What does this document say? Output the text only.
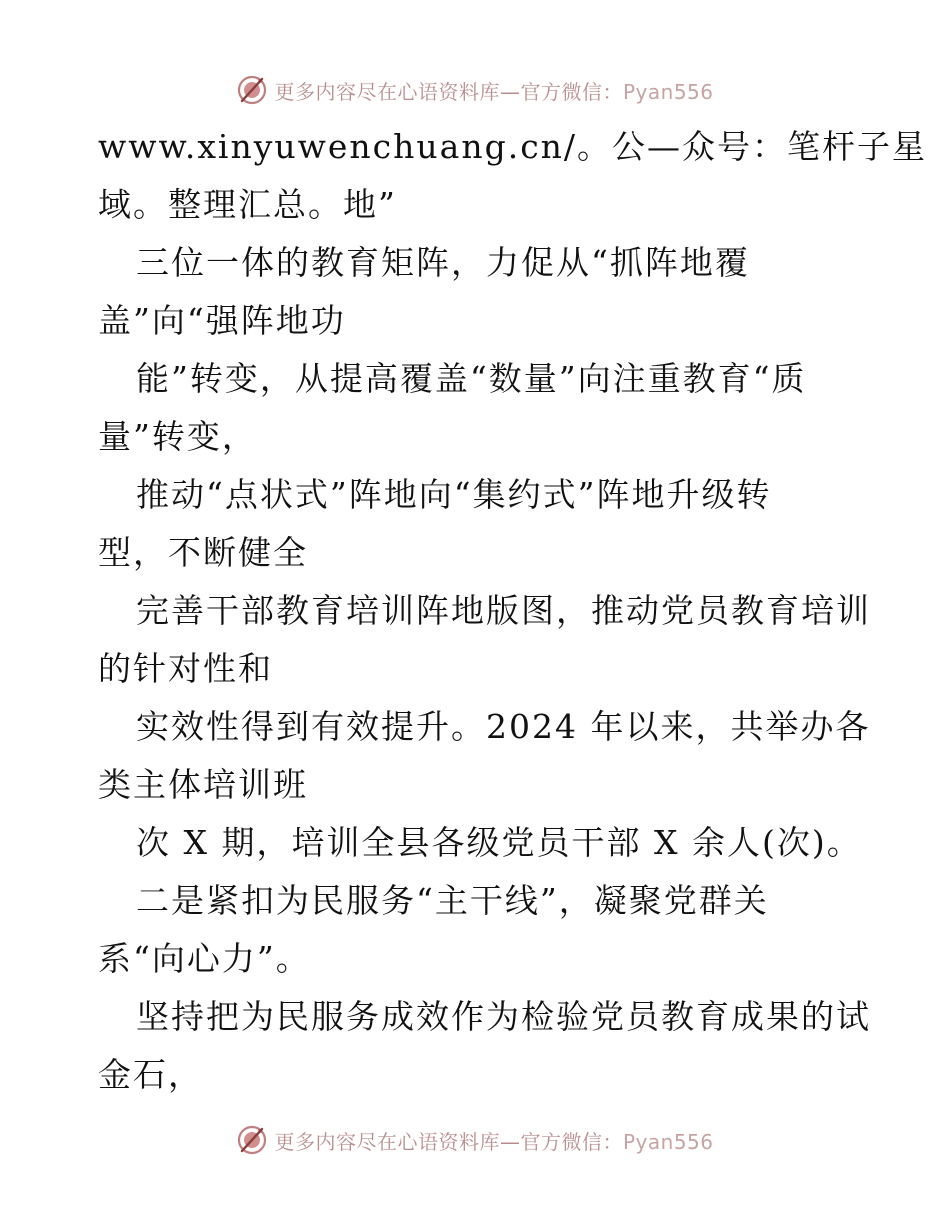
更多内容尽在心语资料库—官方微信：Pyan556
www.xinyuwenchuang.cn/。公—众号：笔杆子星
域。整理汇总。地”
三位一体的教育矩阵，力促从“抓阵地覆
盖”向“强阵地功
能”转变，从提高覆盖“数量”向注重教育“质
量”转变，
推动“点状式”阵地向“集约式”阵地升级转
型，不断健全
完善干部教育培训阵地版图，推动党员教育培训
的针对性和
实效性得到有效提升。2024 年以来，共举办各
类主体培训班
次 X 期，培训全县各级党员干部 X 余人(次)。
二是紧扣为民服务“主干线”，凝聚党群关
系“向心力”。
坚持把为民服务成效作为检验党员教育成果的试
金石，
更多内容尽在心语资料库—官方微信：Pyan556
